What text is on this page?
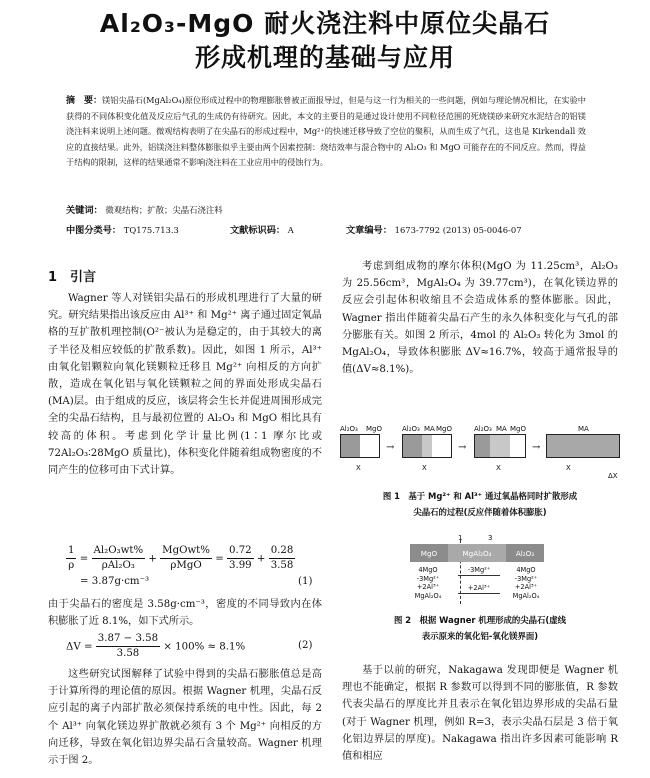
Al₂O₃-MgO 耐火浇注料中原位尖晶石
形成机理的基础与应用
摘　要：镁铝尖晶石(MgAl₂O₄)原位形成过程中的物理膨胀曾被正面报导过，但是与这一行为相关的一些问题，例如与理论情况相比，在实验中获得的不同体积变化值及反应后气孔的生成仍有待研究。因此，本文的主要目的是通过设计使用不同粒径范围的死烧镁砂来研究水泥结合的铝镁浇注料来说明上述问题。微观结构表明了在尖晶石的形成过程中，Mg²⁺的快速迁移导致了空位的聚积，从而生成了气孔，这也是 Kirkendall 效应的直接结果。此外，铝镁浇注料整体膨胀似乎主要由两个因素控制：烧结效率与混合物中的 Al₂O₃ 和 MgO 可能存在的不同反应。然而，得益于结构的限制，这样的结果通常不影响浇注料在工业应用中的侵蚀行为。
关键词： 微观结构；扩散；尖晶石浇注料
中图分类号： TQ175.713.3	文献标识码： A	文章编号： 1673-7792 (2013) 05-0046-07
1　引言

Wagner 等人对镁铝尖晶石的形成机理进行了大量的研究。研究结果指出该反应由 Al³⁺ 和 Mg²⁺ 离子通过固定氧晶格的互扩散机理控制(O²⁻被认为是稳定的，由于其较大的离子半径及相应较低的扩散系数)。因此，如图 1 所示，Al³⁺ 由氧化铝颗粒向氧化镁颗粒迁移且 Mg²⁺ 向相反的方向扩散，造成在氧化铝与氧化镁颗粒之间的界面处形成尖晶石(MA)层。由于组成的反应，该层将会生长并促进周围形成完全的尖晶石结构，且与最初位置的 Al₂O₃ 和 MgO 相比具有较高的体积。考虑到化学计量比例(1∶1 摩尔比或72Al₂O₃∶28MgO 质量比)，体积变化伴随着组成物密度的不同产生的位移可由下式计算。

$\frac{1}{\rho} = \frac{\text{Al₂O₃wt\%}}{\text{ρAl₂O₃}} + \frac{\text{MgOwt\%}}{\text{ρMgO}} = \frac{0.72}{3.99} + \frac{0.28}{3.58}$
= 3.87g·cm⁻³	(1)

由于尖晶石的密度是 3.58g·cm⁻³，密度的不同导致内在体积膨胀了近 8.1%，如下式所示。

$\Delta V = \frac{3.87 - 3.58}{3.58} \times 100\% \approx 8.1\%$	(2)

这些研究试图解释了试验中得到的尖晶石膨胀值总是高于计算所得的理论值的原因。根据 Wagner 机理，尖晶石反应引起的离子内部扩散必须保持系统的电中性。因此，每 2 个 Al³⁺ 向氧化镁边界扩散就必须有 3 个 Mg²⁺ 向相反的方向迁移，导致在氧化铝边界尖晶石含量较高。Wagner 机理示于图 2。

考虑到组成物的摩尔体积(MgO 为 11.25cm³，Al₂O₃ 为 25.56cm³，MgAl₂O₄ 为 39.77cm³)，在氧化镁边界的反应会引起体积收缩且不会造成体系的整体膨胀。因此，Wagner 指出伴随着尖晶石产生的永久体积变化与气孔的部分膨胀有关。如图 2 所示，4mol 的 Al₂O₃ 转化为 3mol 的 MgAl₂O₄，导致体积膨胀 ΔV≈16.7%，较高于通常报导的值(ΔV≈8.1%)。

Al₂O₃ MgO
X
→
Al₂O₃ MA MgO
X
→
Al₂O₃ MA MgO
X
→
MA
X
ΔX
图 1　基于 Mg²⁺ 和 Al³⁺ 通过氧晶格同时扩散形成
尖晶石的过程(反应伴随着体积膨胀)
1	3
MgO	MgAl₂O₄	Al₂O₃
4MgO
-3Mg²⁺
+2Al³⁺
MgAl₂O₄
-3Mg²⁺
+2Al³⁺
4MgO
-3Mg²⁺
+2Al³⁺
MgAl₂O₄
图 2　根据 Wagner 机理形成的尖晶石(虚线
表示原来的氧化铝-氧化镁界面)

基于以前的研究，Nakagawa 发现即便是 Wagner 机理也不能确定，根据 R 参数可以得到不同的膨胀值，R 参数代表尖晶石的厚度比并且表示在氧化铝边界形成的尖晶石量(对于 Wagner 机理，例如 R=3，表示尖晶石层是 3 倍于氧化铝边界层的厚度)。Nakagawa 指出许多因素可能影响 R 值和相应
